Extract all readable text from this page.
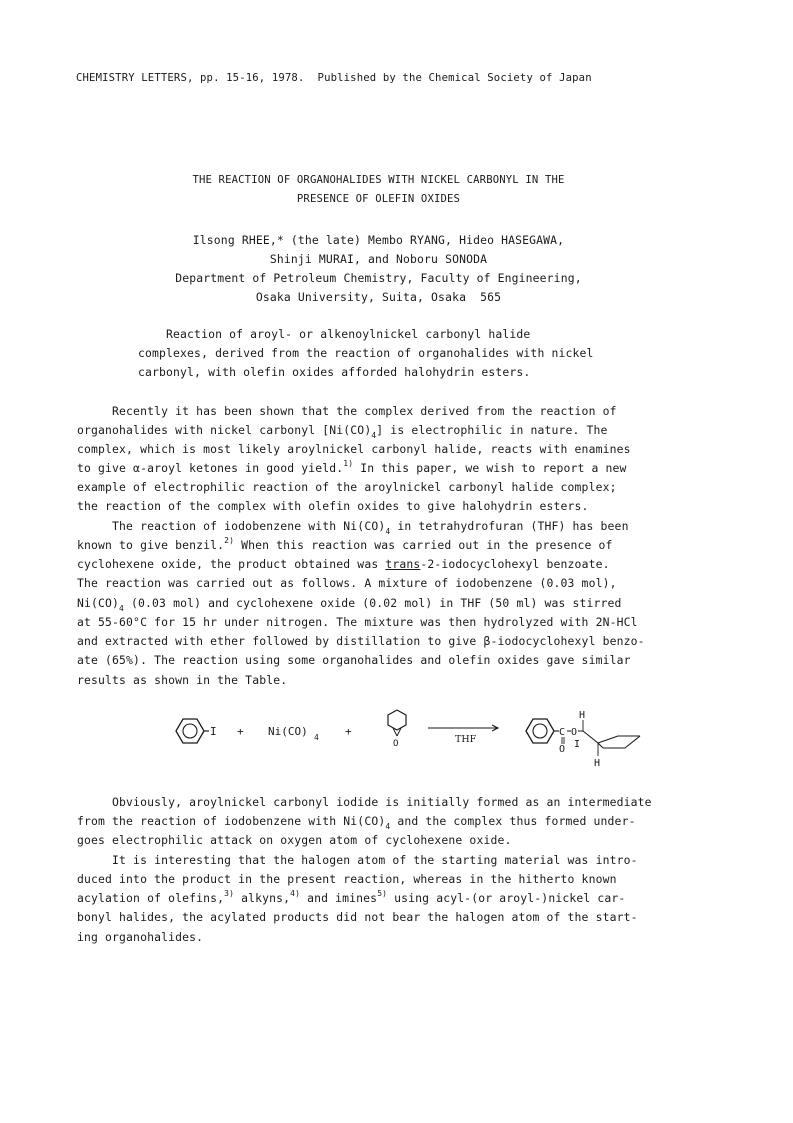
CHEMISTRY LETTERS, pp. 15-16, 1978. Published by the Chemical Society of Japan
THE REACTION OF ORGANOHALIDES WITH NICKEL CARBONYL IN THE
PRESENCE OF OLEFIN OXIDES
Ilsong RHEE,* (the late) Membo RYANG, Hideo HASEGAWA,
Shinji MURAI, and Noboru SONODA
Department of Petroleum Chemistry, Faculty of Engineering,
Osaka University, Suita, Osaka  565
Reaction of aroyl- or alkenoylnickel carbonyl halide
complexes, derived from the reaction of organohalides with nickel
carbonyl, with olefin oxides afforded halohydrin esters.
Recently it has been shown that the complex derived from the reaction of
organohalides with nickel carbonyl $[Ni(CO)_4]$ is electrophilic in nature. The
complex, which is most likely aroylnickel carbonyl halide, reacts with enamines
to give α-aroyl ketones in good yield.$^{1)}$ In this paper, we wish to report a new
example of electrophilic reaction of the aroylnickel carbonyl halide complex;
the reaction of the complex with olefin oxides to give halohydrin esters.
The reaction of iodobenzene with $Ni(CO)_4$ in tetrahydrofuran (THF) has been
known to give benzil.$^{2)}$ When this reaction was carried out in the presence of
cyclohexene oxide, the product obtained was trans-2-iodocyclohexyl benzoate.
The reaction was carried out as follows. A mixture of iodobenzene (0.03 mol),
$Ni(CO)_4$ (0.03 mol) and cyclohexene oxide (0.02 mol) in THF (50 ml) was stirred
at 55-60°C for 15 hr under nitrogen. The mixture was then hydrolyzed with 2N-HCl
and extracted with ether followed by distillation to give β-iodocyclohexyl benzo-
ate (65%). The reaction using some organohalides and olefin oxides gave similar
results as shown in the Table.
I + Ni(CO) 4 +
O	THF
C O
O I
H
H
Obviously, aroylnickel carbonyl iodide is initially formed as an intermediate
from the reaction of iodobenzene with $Ni(CO)_4$ and the complex thus formed under-
goes electrophilic attack on oxygen atom of cyclohexene oxide.
It is interesting that the halogen atom of the starting material was intro-
duced into the product in the present reaction, whereas in the hitherto known
acylation of olefins,$^{3)}$ alkyns,$^{4)}$ and imines$^{5)}$ using acyl-(or aroyl-)nickel car-
bonyl halides, the acylated products did not bear the halogen atom of the start-
ing organohalides.
